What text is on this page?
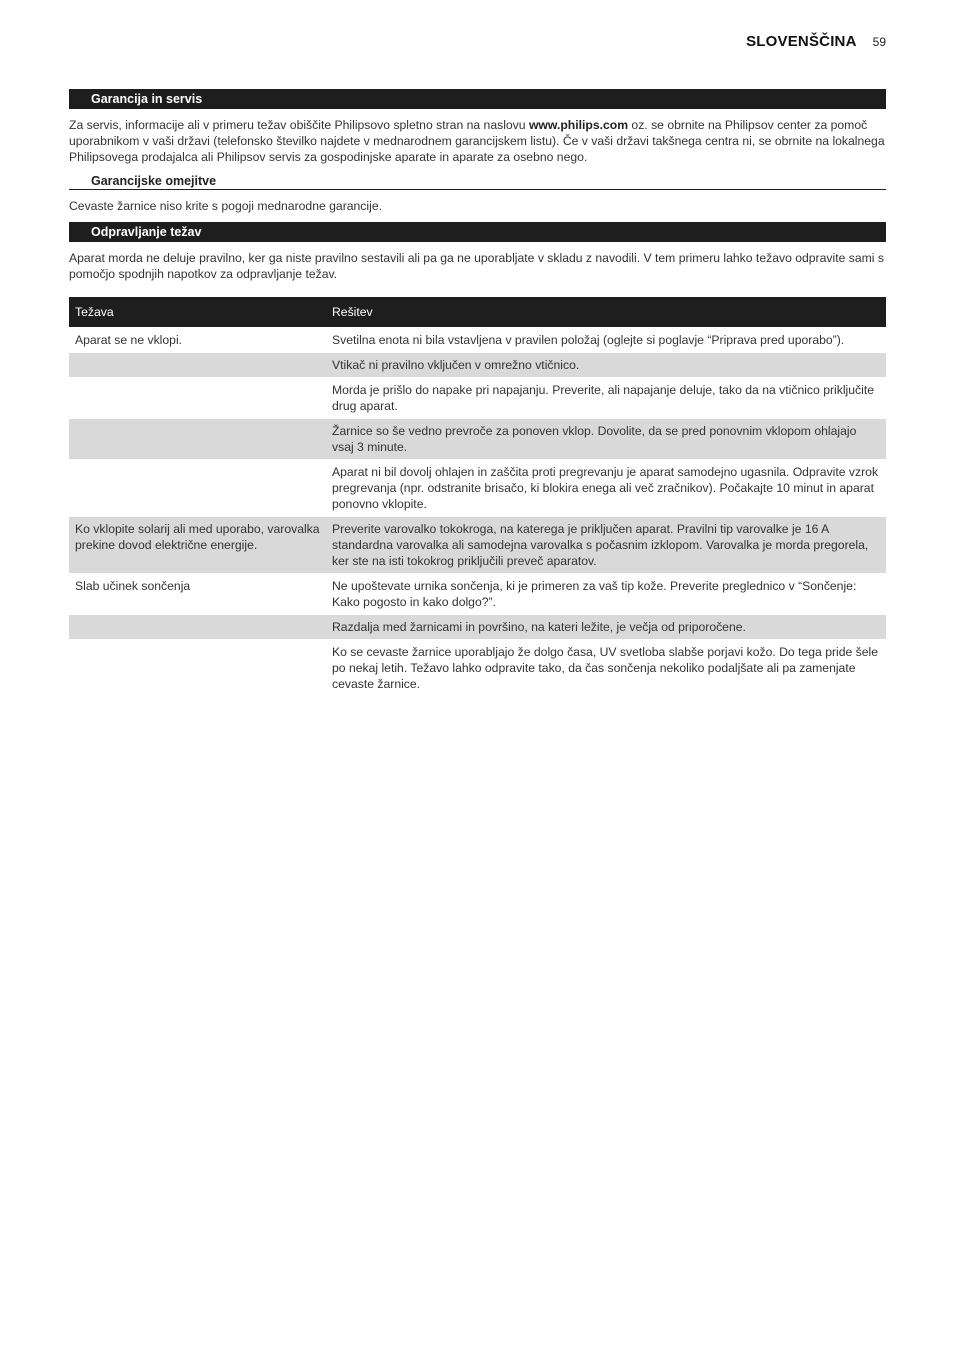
SLOVENŠČINA 59
Garancija in servis

Za servis, informacije ali v primeru težav obiščite Philipsovo spletno stran na naslovu www.philips.com oz. se obrnite na Philipsov center za pomoč uporabnikom v vaši državi (telefonsko številko najdete v mednarodnem garancijskem listu). Če v vaši državi takšnega centra ni, se obrnite na lokalnega Philipsovega prodajalca ali Philipsov servis za gospodinjske aparate in aparate za osebno nego.

Garancijske omejitve

Cevaste žarnice niso krite s pogoji mednarodne garancije.

Odpravljanje težav

Aparat morda ne deluje pravilno, ker ga niste pravilno sestavili ali pa ga ne uporabljate v skladu z navodili. V tem primeru lahko težavo odpravite sami s pomočjo spodnjih napotkov za odpravljanje težav.

Težava	Rešitev
Aparat se ne vklopi.	Svetilna enota ni bila vstavljena v pravilen položaj (oglejte si poglavje “Priprava pred uporabo”).
	Vtikač ni pravilno vključen v omrežno vtičnico.
	Morda je prišlo do napake pri napajanju. Preverite, ali napajanje deluje, tako da na vtičnico priključite drug aparat.
	Žarnice so še vedno prevroče za ponoven vklop. Dovolite, da se pred ponovnim vklopom ohlajajo vsaj 3 minute.
	Aparat ni bil dovolj ohlajen in zaščita proti pregrevanju je aparat samodejno ugasnila. Odpravite vzrok pregrevanja (npr. odstranite brisačo, ki blokira enega ali več zračnikov). Počakajte 10 minut in aparat ponovno vklopite.
Ko vklopite solarij ali med uporabo, varovalka prekine dovod električne energije.	Preverite varovalko tokokroga, na katerega je priključen aparat. Pravilni tip varovalke je 16 A standardna varovalka ali samodejna varovalka s počasnim izklopom. Varovalka je morda pregorela, ker ste na isti tokokrog priključili preveč aparatov.
Slab učinek sončenja	Ne upoštevate urnika sončenja, ki je primeren za vaš tip kože. Preverite preglednico v “Sončenje: Kako pogosto in kako dolgo?”.
	Razdalja med žarnicami in površino, na kateri ležite, je večja od priporočene.
	Ko se cevaste žarnice uporabljajo že dolgo časa, UV svetloba slabše porjavi kožo. Do tega pride šele po nekaj letih. Težavo lahko odpravite tako, da čas sončenja nekoliko podaljšate ali pa zamenjate cevaste žarnice.
